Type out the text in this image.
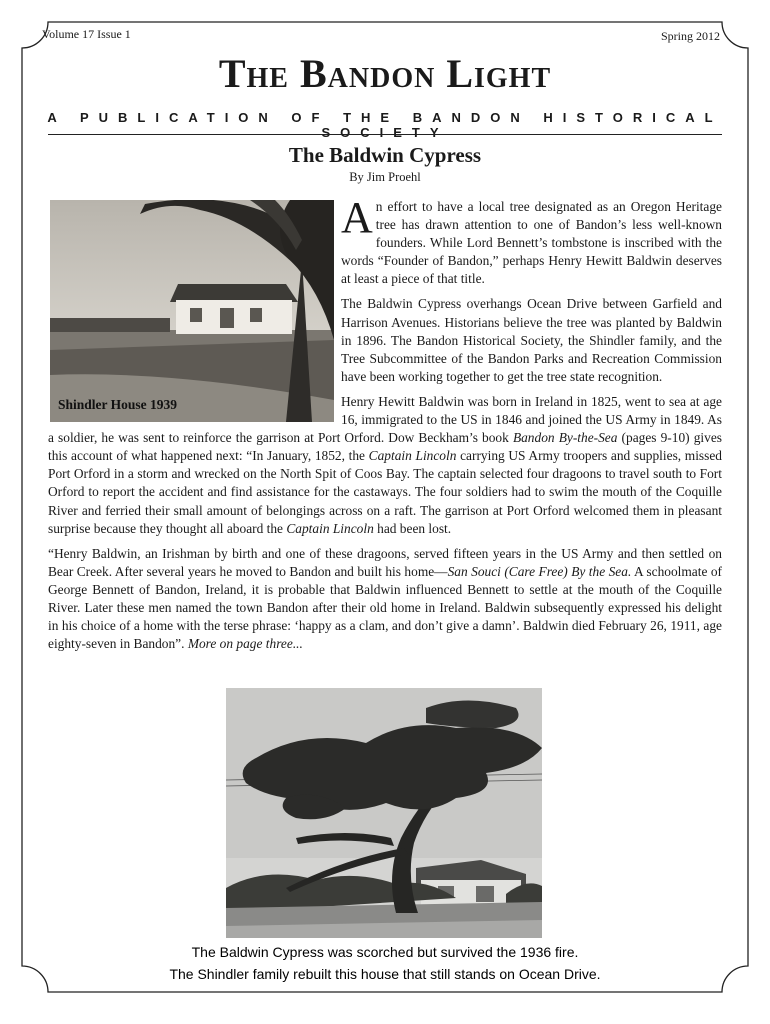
Volume 17 Issue 1	Spring 2012
The Bandon Light
A PUBLICATION OF THE BANDON HISTORICAL SOCIETY
The Baldwin Cypress
By Jim Proehl
Shindler House 1939

An effort to have a local tree designated as an Oregon Heritage tree has drawn attention to one of Bandon’s less well-known founders. While Lord Bennett’s tombstone is inscribed with the words “Founder of Bandon,” perhaps Henry Hewitt Baldwin deserves at least a piece of that title.

The Baldwin Cypress overhangs Ocean Drive between Garfield and Harrison Avenues. Historians believe the tree was planted by Baldwin in 1896. The Bandon Historical Society, the Shindler family, and the Tree Subcommittee of the Bandon Parks and Recreation Commission have been working together to get the tree state recognition.

Henry Hewitt Baldwin was born in Ireland in 1825, went to sea at age 16, immigrated to the US in 1846 and joined the US Army in 1849. As a soldier, he was sent to reinforce the garrison at Port Orford. Dow Beckham’s book Bandon By-the-Sea (pages 9-10) gives this account of what happened next: “In January, 1852, the Captain Lincoln carrying US Army troopers and supplies, missed Port Orford in a storm and wrecked on the North Spit of Coos Bay. The captain selected four dragoons to travel south to Fort Orford to report the accident and find assistance for the castaways. The four soldiers had to swim the mouth of the Coquille River and ferried their small amount of belongings across on a raft. The garrison at Port Orford welcomed them in pleasant surprise because they thought all aboard the Captain Lincoln had been lost.

“Henry Baldwin, an Irishman by birth and one of these dragoons, served fifteen years in the US Army and then settled on Bear Creek. After several years he moved to Bandon and built his home—San Souci (Care Free) By the Sea. A schoolmate of George Bennett of Bandon, Ireland, it is probable that Baldwin influenced Bennett to settle at the mouth of the Coquille River. Later these men named the town Bandon after their old home in Ireland. Baldwin subsequently expressed his delight in his choice of a home with the terse phrase: ‘happy as a clam, and don’t give a damn’. Baldwin died February 26, 1911, age eighty-seven in Bandon”. More on page three...

The Baldwin Cypress was scorched but survived the 1936 fire.
The Shindler family rebuilt this house that still stands on Ocean Drive.
